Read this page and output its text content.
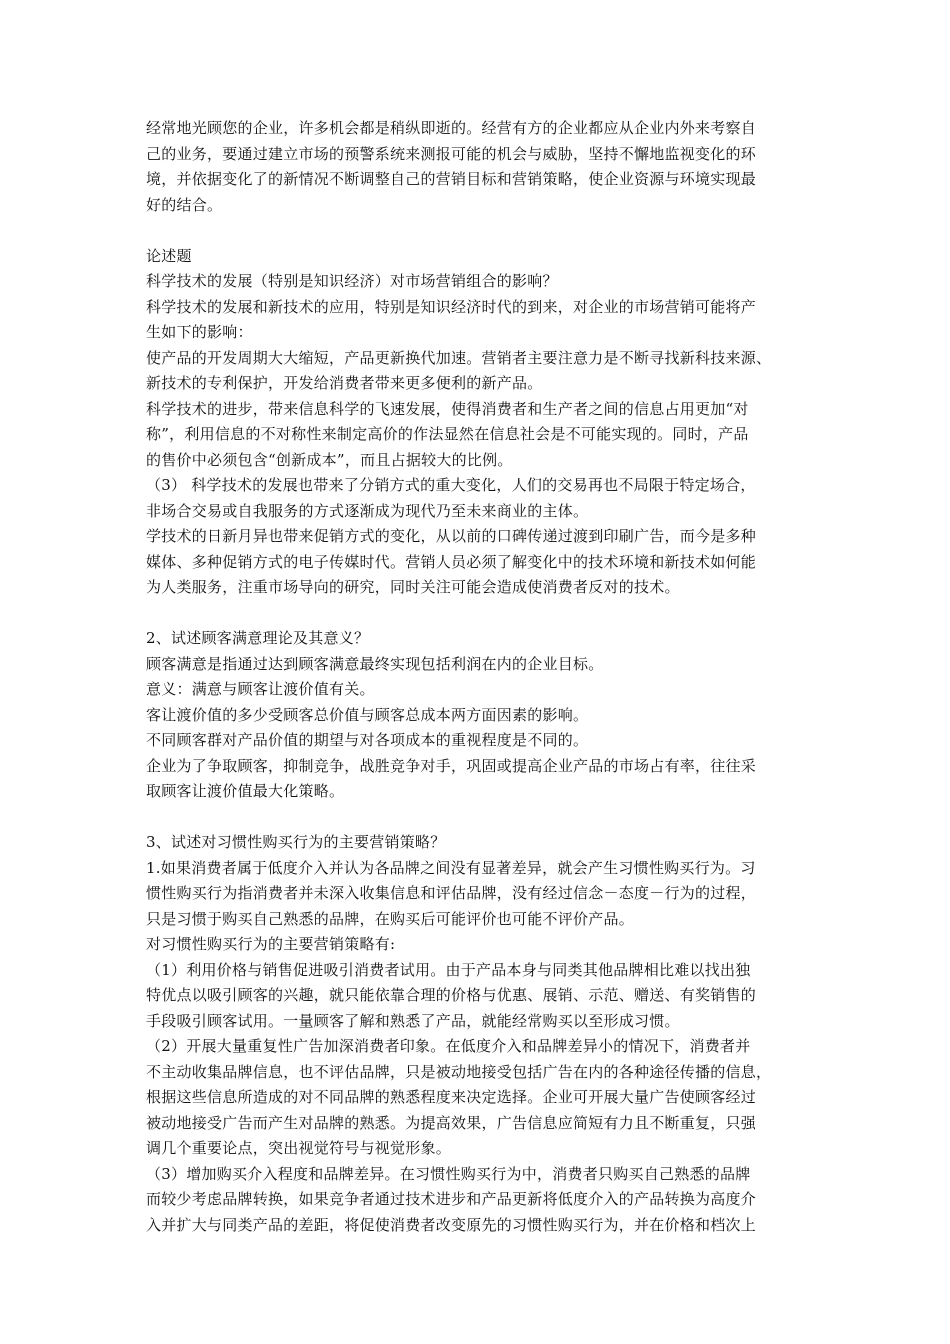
经常地光顾您的企业，许多机会都是稍纵即逝的。经营有方的企业都应从企业内外来考察自
己的业务，要通过建立市场的预警系统来测报可能的机会与威胁，坚持不懈地监视变化的环
境，并依据变化了的新情况不断调整自己的营销目标和营销策略，使企业资源与环境实现最
好的结合。
论述题
科学技术的发展（特别是知识经济）对市场营销组合的影响？
科学技术的发展和新技术的应用，特别是知识经济时代的到来，对企业的市场营销可能将产
生如下的影响：
使产品的开发周期大大缩短，产品更新换代加速。营销者主要注意力是不断寻找新科技来源、
新技术的专利保护，开发给消费者带来更多便利的新产品。
科学技术的进步，带来信息科学的飞速发展，使得消费者和生产者之间的信息占用更加“对
称”，利用信息的不对称性来制定高价的作法显然在信息社会是不可能实现的。同时，产品
的售价中必须包含“创新成本”，而且占据较大的比例。
（3） 科学技术的发展也带来了分销方式的重大变化，人们的交易再也不局限于特定场合，
非场合交易或自我服务的方式逐渐成为现代乃至未来商业的主体。
学技术的日新月异也带来促销方式的变化，从以前的口碑传递过渡到印刷广告，而今是多种
媒体、多种促销方式的电子传媒时代。营销人员必须了解变化中的技术环境和新技术如何能
为人类服务，注重市场导向的研究，同时关注可能会造成使消费者反对的技术。
2、试述顾客满意理论及其意义？
顾客满意是指通过达到顾客满意最终实现包括利润在内的企业目标。
意义：满意与顾客让渡价值有关。
客让渡价值的多少受顾客总价值与顾客总成本两方面因素的影响。
不同顾客群对产品价值的期望与对各项成本的重视程度是不同的。
企业为了争取顾客，抑制竞争，战胜竞争对手，巩固或提高企业产品的市场占有率，往往采
取顾客让渡价值最大化策略。
3、试述对习惯性购买行为的主要营销策略？
1.如果消费者属于低度介入并认为各品牌之间没有显著差异，就会产生习惯性购买行为。习
惯性购买行为指消费者并未深入收集信息和评估品牌，没有经过信念－态度－行为的过程，
只是习惯于购买自己熟悉的品牌，在购买后可能评价也可能不评价产品。
对习惯性购买行为的主要营销策略有:
（1）利用价格与销售促进吸引消费者试用。由于产品本身与同类其他品牌相比难以找出独
特优点以吸引顾客的兴趣，就只能依靠合理的价格与优惠、展销、示范、赠送、有奖销售的
手段吸引顾客试用。一量顾客了解和熟悉了产品，就能经常购买以至形成习惯。
（2）开展大量重复性广告加深消费者印象。在低度介入和品牌差异小的情况下，消费者并
不主动收集品牌信息，也不评估品牌，只是被动地接受包括广告在内的各种途径传播的信息，
根据这些信息所造成的对不同品牌的熟悉程度来决定选择。企业可开展大量广告使顾客经过
被动地接受广告而产生对品牌的熟悉。为提高效果，广告信息应简短有力且不断重复，只强
调几个重要论点，突出视觉符号与视觉形象。
（3）增加购买介入程度和品牌差异。在习惯性购买行为中，消费者只购买自己熟悉的品牌
而较少考虑品牌转换，如果竞争者通过技术进步和产品更新将低度介入的产品转换为高度介
入并扩大与同类产品的差距，将促使消费者改变原先的习惯性购买行为，并在价格和档次上
